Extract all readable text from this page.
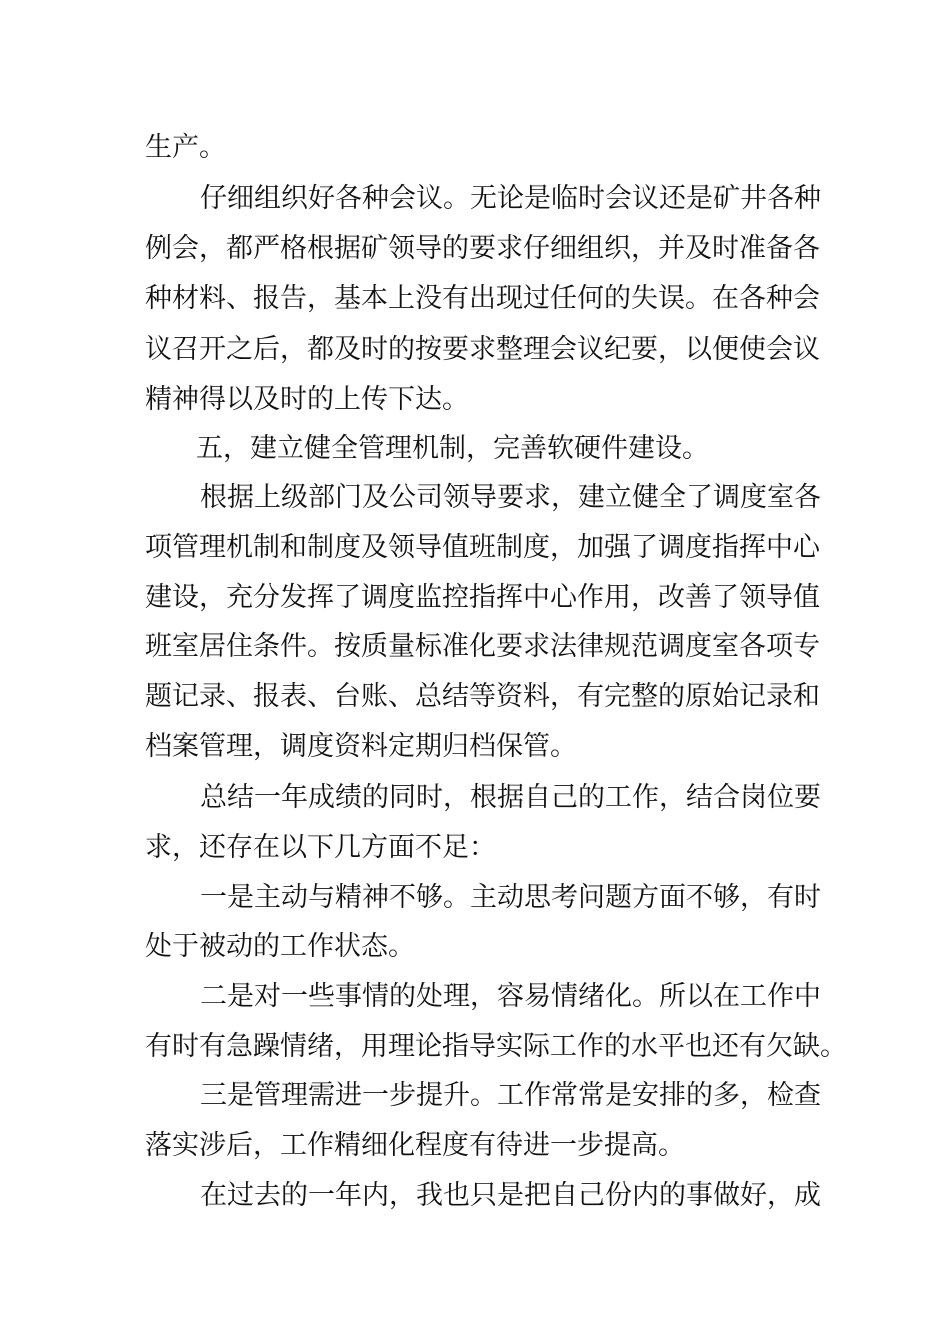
生产。
仔细组织好各种会议。无论是临时会议还是矿井各种
例会，都严格根据矿领导的要求仔细组织，并及时准备各
种材料、报告，基本上没有出现过任何的失误。在各种会
议召开之后，都及时的按要求整理会议纪要，以便使会议
精神得以及时的上传下达。
五，建立健全管理机制，完善软硬件建设。
根据上级部门及公司领导要求，建立健全了调度室各
项管理机制和制度及领导值班制度，加强了调度指挥中心
建设，充分发挥了调度监控指挥中心作用，改善了领导值
班室居住条件。按质量标准化要求法律规范调度室各项专
题记录、报表、台账、总结等资料，有完整的原始记录和
档案管理，调度资料定期归档保管。
总结一年成绩的同时，根据自己的工作，结合岗位要
求，还存在以下几方面不足：
一是主动与精神不够。主动思考问题方面不够，有时
处于被动的工作状态。
二是对一些事情的处理，容易情绪化。所以在工作中
有时有急躁情绪，用理论指导实际工作的水平也还有欠缺。
三是管理需进一步提升。工作常常是安排的多，检查
落实涉后，工作精细化程度有待进一步提高。
在过去的一年内，我也只是把自己份内的事做好，成
